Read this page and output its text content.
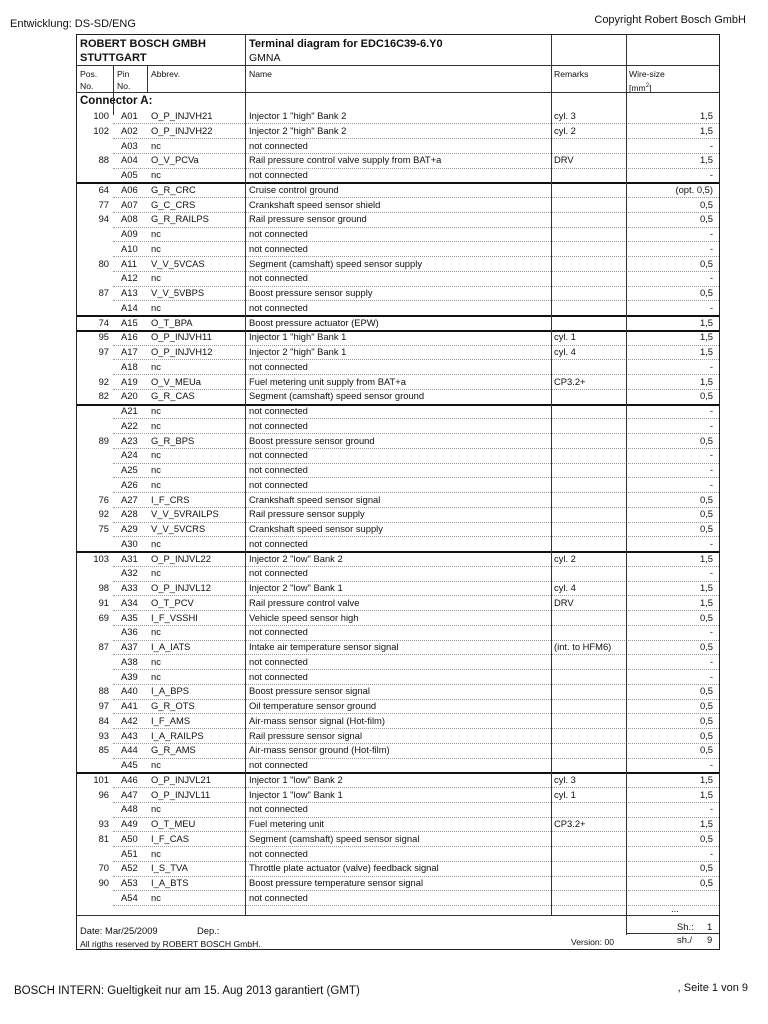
Entwicklung: DS-SD/ENG	Copyright Robert Bosch GmbH
ROBERT BOSCH GMBH
STUTTGART
Terminal diagram for EDC16C39-6.Y0
GMNA
Pos.
No.
Pin
No.
Abbrev.	Name	Remarks	Wire-size
$[mm^2]$
Connector A:
100 A01 O_P_INJVH21	Injector 1 "high" Bank 2	cyl. 3	1,5
102 A02 O_P_INJVH22	Injector 2 "high" Bank 2	cyl. 2	1,5
A03 nc	not connected	-
88 A04 O_V_PCVa	Rail pressure control valve supply from BAT+a	DRV	1,5
A05 nc	not connected	-
64 A06 G_R_CRC	Cruise control ground	(opt. 0,5)
77 A07 G_C_CRS	Crankshaft speed sensor shield	0,5
94 A08 G_R_RAILPS	Rail pressure sensor ground	0,5
A09 nc	not connected	-
A10 nc	not connected	-
80 A11 V_V_5VCAS	Segment (camshaft) speed sensor supply	0,5
A12 nc	not connected	-
87 A13 V_V_5VBPS	Boost pressure sensor supply	0,5
A14 nc	not connected	-
74 A15 O_T_BPA	Boost pressure actuator (EPW)	1,5
95 A16 O_P_INJVH11	Injector 1 "high" Bank 1	cyl. 1	1,5
97 A17 O_P_INJVH12	Injector 2 "high" Bank 1	cyl. 4	1,5
A18 nc	not connected	-
92 A19 O_V_MEUa	Fuel metering unit supply from BAT+a	CP3.2+	1,5
82 A20 G_R_CAS	Segment (camshaft) speed sensor ground	0,5
A21 nc	not connected	-
A22 nc	not connected	-
89 A23 G_R_BPS	Boost pressure sensor ground	0,5
A24 nc	not connected	-
A25 nc	not connected	-
A26 nc	not connected	-
76 A27 I_F_CRS	Crankshaft speed sensor signal	0,5
92 A28 V_V_5VRAILPS	Rail pressure sensor supply	0,5
75 A29 V_V_5VCRS	Crankshaft speed sensor supply	0,5
A30 nc	not connected	-
103 A31 O_P_INJVL22	Injector 2 "low" Bank 2	cyl. 2	1,5
A32 nc	not connected	-
98 A33 O_P_INJVL12	Injector 2 "low" Bank 1	cyl. 4	1,5
91 A34 O_T_PCV	Rail pressure control valve	DRV	1,5
69 A35 I_F_VSSHI	Vehicle speed sensor high	0,5
A36 nc	not connected	-
87 A37 I_A_IATS	Intake air temperature sensor signal	(int. to HFM6)	0,5
A38 nc	not connected	-
A39 nc	not connected	-
88 A40 I_A_BPS	Boost pressure sensor signal	0,5
97 A41 G_R_OTS	Oil temperature sensor ground	0,5
84 A42 I_F_AMS	Air-mass sensor signal (Hot-film)	0,5
93 A43 I_A_RAILPS	Rail pressure sensor signal	0,5
85 A44 G_R_AMS	Air-mass sensor ground (Hot-film)	0,5
A45 nc	not connected	-
101 A46 O_P_INJVL21	Injector 1 "low" Bank 2	cyl. 3	1,5
96 A47 O_P_INJVL11	Injector 1 "low" Bank 1	cyl. 1	1,5
A48 nc	not connected	-
93 A49 O_T_MEU	Fuel metering unit	CP3.2+	1,5
81 A50 I_F_CAS	Segment (camshaft) speed sensor signal	0,5
A51 nc	not connected	-
70 A52 I_S_TVA	Throttle plate actuator (valve) feedback signal	0,5
90 A53 I_A_BTS	Boost pressure temperature sensor signal	0,5
A54 nc	not connected
...
Date: Mar/25/2009	Dep.:
All rigths reserved by ROBERT BOSCH GmbH.	Version: 00
Sh.: 1
sh./ 9
BOSCH INTERN: Gueltigkeit nur am 15. Aug 2013 garantiert (GMT)	, Seite 1 von 9
